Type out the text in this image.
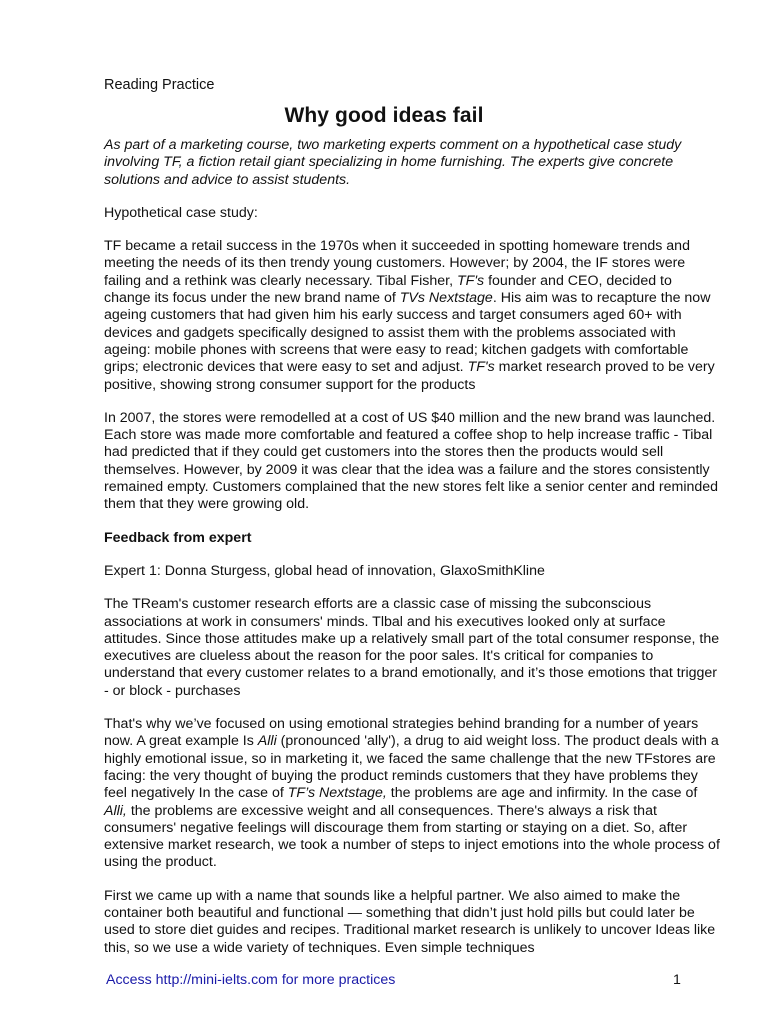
Reading Practice

Why good ideas fail

As part of a marketing course, two marketing experts comment on a hypothetical case study involving TF, a fiction retail giant specializing in home furnishing. The experts give concrete solutions and advice to assist students.

Hypothetical case study:

TF became a retail success in the 1970s when it succeeded in spotting homeware trends and meeting the needs of its then trendy young customers. However; by 2004, the IF stores were failing and a rethink was clearly necessary. Tibal Fisher, TF's founder and CEO, decided to change its focus under the new brand name of TVs Nextstage. His aim was to recapture the now ageing customers that had given him his early success and target consumers aged 60+ with devices and gadgets specifically designed to assist them with the problems associated with ageing: mobile phones with screens that were easy to read; kitchen gadgets with comfortable grips; electronic devices that were easy to set and adjust. TF's market research proved to be very positive, showing strong consumer support for the products

In 2007, the stores were remodelled at a cost of US $40 million and the new brand was launched. Each store was made more comfortable and featured a coffee shop to help increase traffic - Tibal had predicted that if they could get customers into the stores then the products would sell themselves. However, by 2009 it was clear that the idea was a failure and the stores consistently remained empty. Customers complained that the new stores felt like a senior center and reminded them that they were growing old.

Feedback from expert

Expert 1: Donna Sturgess, global head of innovation, GlaxoSmithKline

The TReam's customer research efforts are a classic case of missing the subconscious associations at work in consumers' minds. Tlbal and his executives looked only at surface attitudes. Since those attitudes make up a relatively small part of the total consumer response, the executives are clueless about the reason for the poor sales. It's critical for companies to understand that every customer relates to a brand emotionally, and it’s those emotions that trigger - or block - purchases

That's why we’ve focused on using emotional strategies behind branding for a number of years now. A great example Is Alli (pronounced 'ally'), a drug to aid weight loss. The product deals with a highly emotional issue, so in marketing it, we faced the same challenge that the new TFstores are facing: the very thought of buying the product reminds customers that they have problems they feel negatively In the case of TF’s Nextstage, the problems are age and infirmity. In the case of Alli, the problems are excessive weight and all consequences. There's always a risk that consumers' negative feelings will discourage them from starting or staying on a diet. So, after extensive market research, we took a number of steps to inject emotions into the whole process of using the product.

First we came up with a name that sounds like a helpful partner. We also aimed to make the container both beautiful and functional — something that didn’t just hold pills but could later be used to store diet guides and recipes. Traditional market research is unlikely to uncover Ideas like this, so we use a wide variety of techniques. Even simple techniques

Access http://mini-ielts.com for more practices	1
